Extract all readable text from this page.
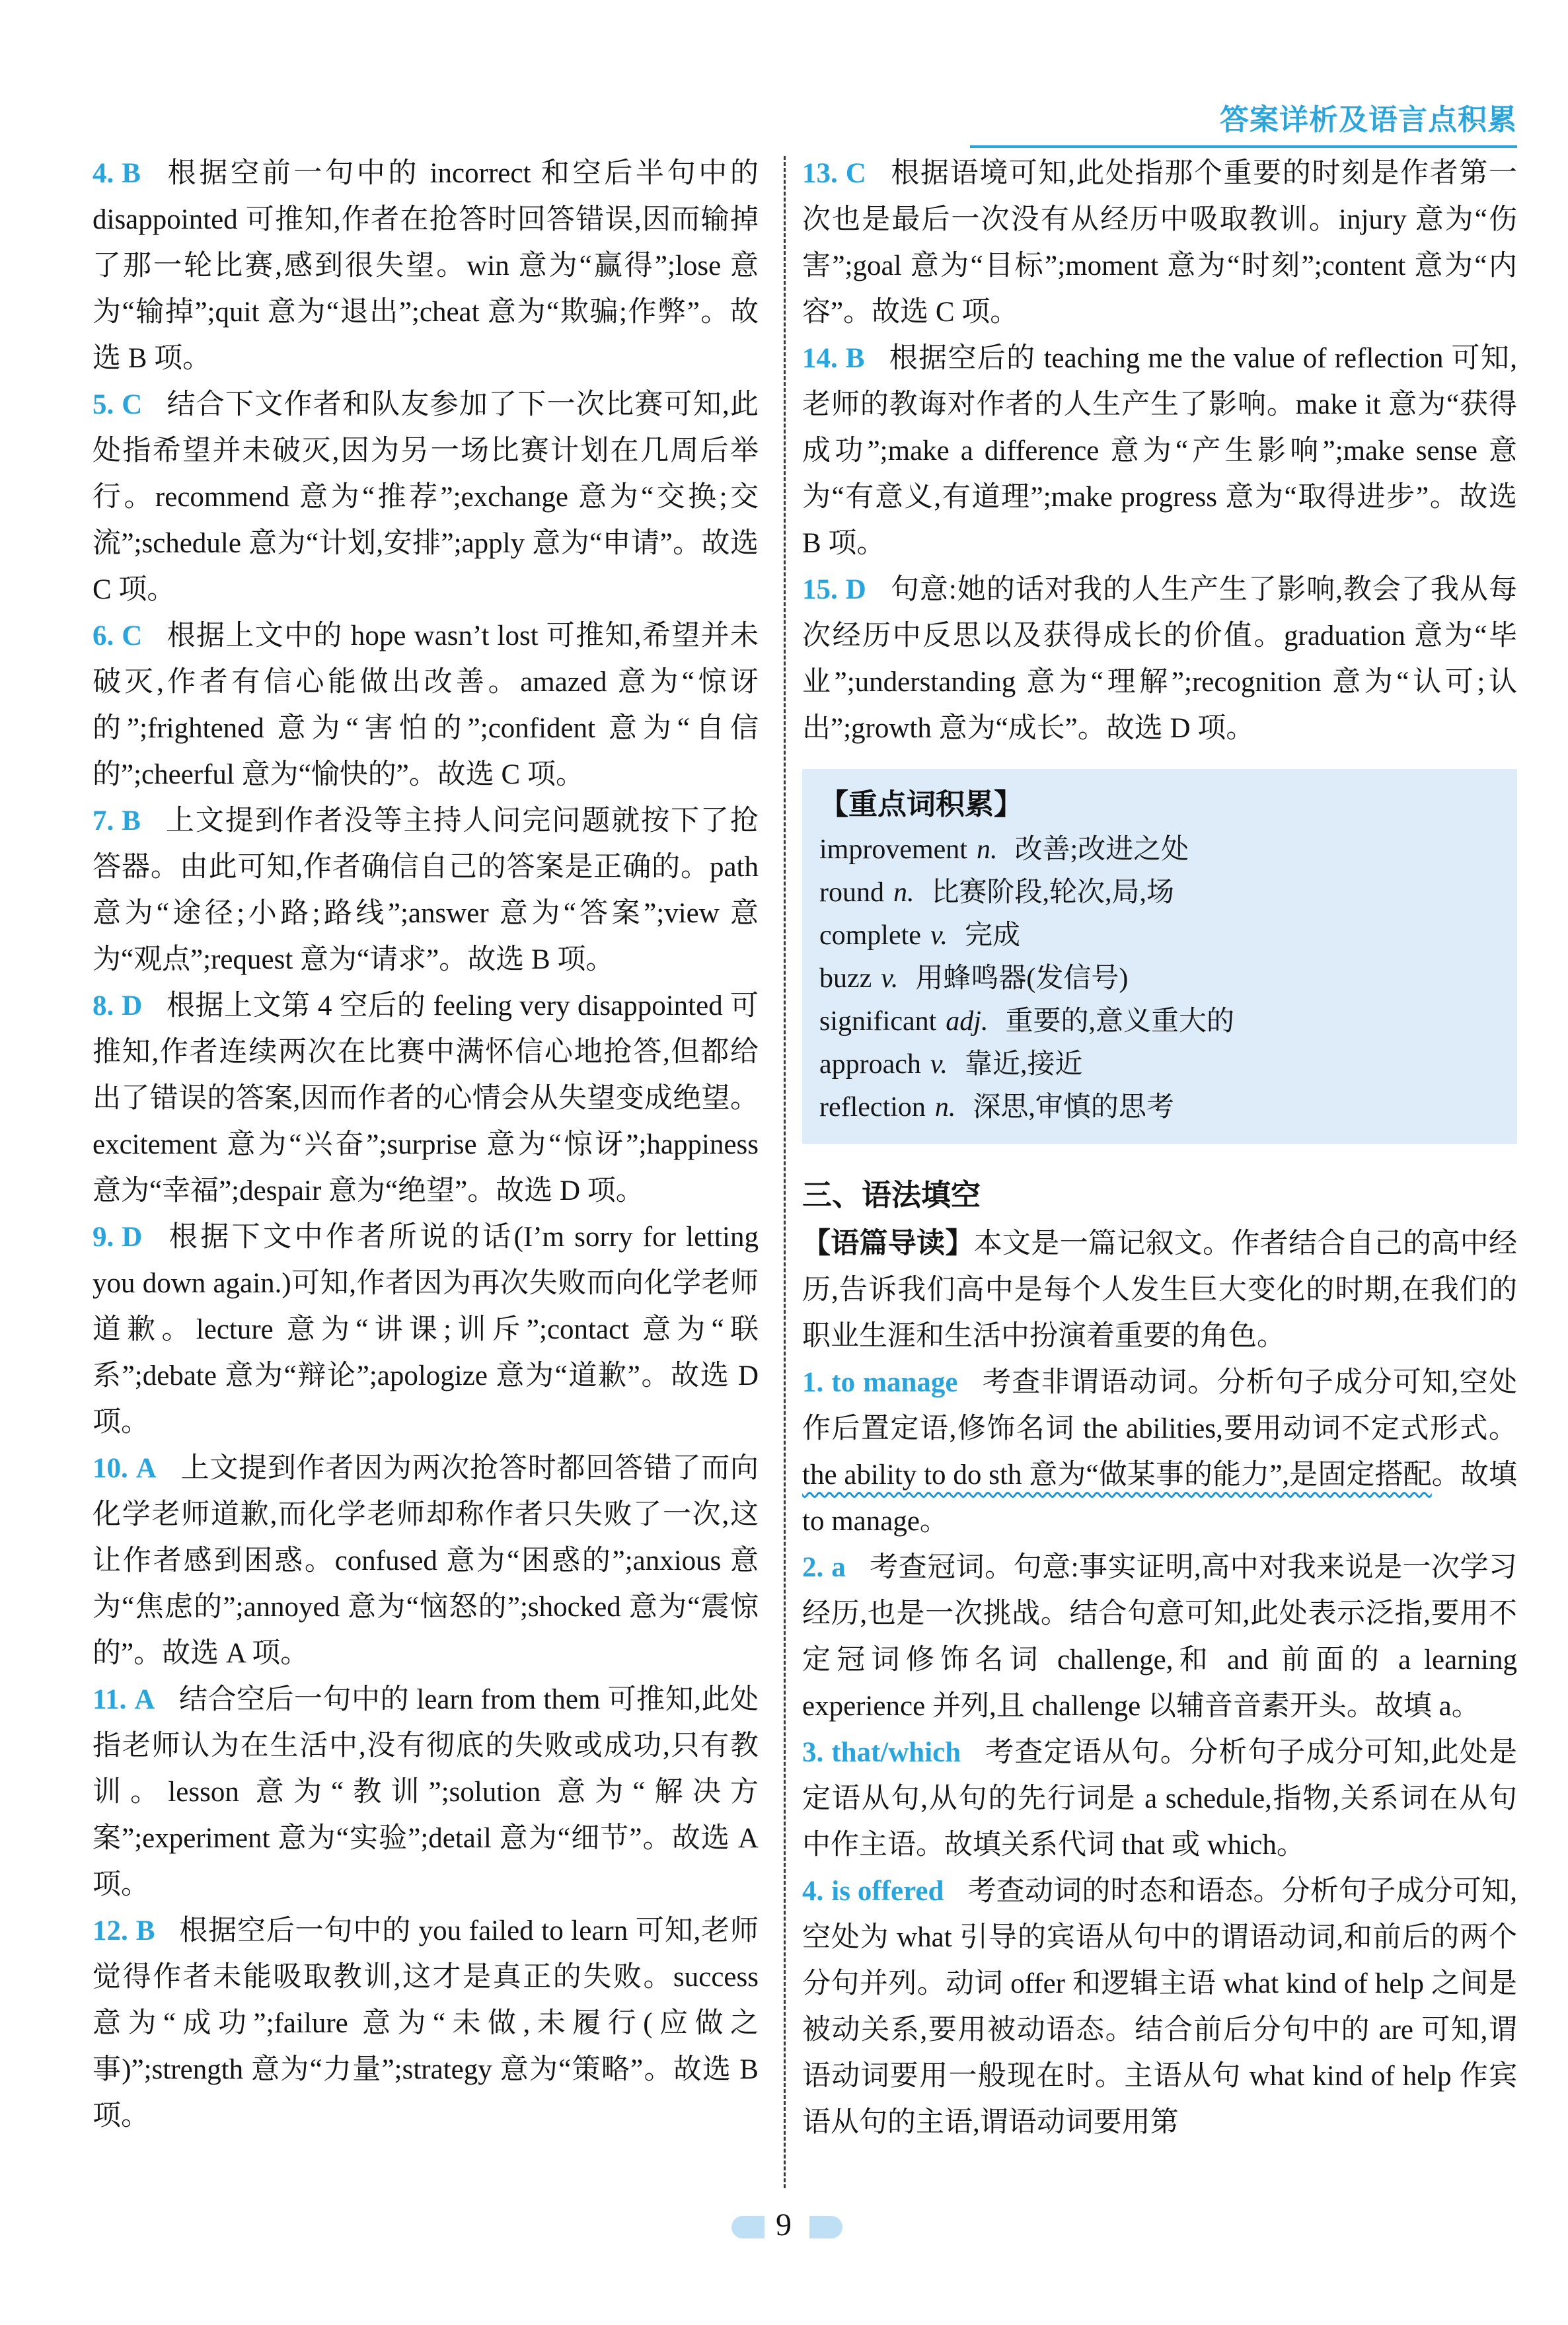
答案详析及语言点积累

4. B 根据空前一句中的 incorrect 和空后半句中的 disappointed 可推知,作者在抢答时回答错误,因而输掉了那一轮比赛,感到很失望。win 意为“赢得”;lose 意为“输掉”;quit 意为“退出”;cheat 意为“欺骗;作弊”。故选 B 项。

5. C 结合下文作者和队友参加了下一次比赛可知,此处指希望并未破灭,因为另一场比赛计划在几周后举行。recommend 意为“推荐”;exchange 意为“交换;交流”;schedule 意为“计划,安排”;apply 意为“申请”。故选 C 项。

6. C 根据上文中的 hope wasn’t lost 可推知,希望并未破灭,作者有信心能做出改善。amazed 意为“惊讶的”;frightened 意为“害怕的”;confident 意为“自信的”;cheerful 意为“愉快的”。故选 C 项。

7. B 上文提到作者没等主持人问完问题就按下了抢答器。由此可知,作者确信自己的答案是正确的。path 意为“途径;小路;路线”;answer 意为“答案”;view 意为“观点”;request 意为“请求”。故选 B 项。

8. D 根据上文第 4 空后的 feeling very disappointed 可推知,作者连续两次在比赛中满怀信心地抢答,但都给出了错误的答案,因而作者的心情会从失望变成绝望。excitement 意为“兴奋”;surprise 意为“惊讶”;happiness 意为“幸福”;despair 意为“绝望”。故选 D 项。

9. D 根据下文中作者所说的话(I’m sorry for letting you down again.)可知,作者因为再次失败而向化学老师道歉。lecture 意为“讲课;训斥”;contact 意为“联系”;debate 意为“辩论”;apologize 意为“道歉”。故选 D 项。

10. A 上文提到作者因为两次抢答时都回答错了而向化学老师道歉,而化学老师却称作者只失败了一次,这让作者感到困惑。confused 意为“困惑的”;anxious 意为“焦虑的”;annoyed 意为“恼怒的”;shocked 意为“震惊的”。故选 A 项。

11. A 结合空后一句中的 learn from them 可推知,此处指老师认为在生活中,没有彻底的失败或成功,只有教训。lesson 意为“教训”;solution 意为“解决方案”;experiment 意为“实验”;detail 意为“细节”。故选 A 项。

12. B 根据空后一句中的 you failed to learn 可知,老师觉得作者未能吸取教训,这才是真正的失败。success 意为“成功”;failure 意为“未做,未履行(应做之事)”;strength 意为“力量”;strategy 意为“策略”。故选 B 项。

13. C 根据语境可知,此处指那个重要的时刻是作者第一次也是最后一次没有从经历中吸取教训。injury 意为“伤害”;goal 意为“目标”;moment 意为“时刻”;content 意为“内容”。故选 C 项。

14. B 根据空后的 teaching me the value of reflection 可知,老师的教诲对作者的人生产生了影响。make it 意为“获得成功”;make a difference 意为“产生影响”;make sense 意为“有意义,有道理”;make progress 意为“取得进步”。故选 B 项。

15. D 句意:她的话对我的人生产生了影响,教会了我从每次经历中反思以及获得成长的价值。graduation 意为“毕业”;understanding 意为“理解”;recognition 意为“认可;认出”;growth 意为“成长”。故选 D 项。

【重点词积累】

improvement n. 改善;改进之处

round n. 比赛阶段,轮次,局,场

complete v. 完成

buzz v. 用蜂鸣器(发信号)

significant adj. 重要的,意义重大的

approach v. 靠近,接近

reflection n. 深思,审慎的思考

三、语法填空

【语篇导读】本文是一篇记叙文。作者结合自己的高中经历,告诉我们高中是每个人发生巨大变化的时期,在我们的职业生涯和生活中扮演着重要的角色。

1. to manage 考查非谓语动词。分析句子成分可知,空处作后置定语,修饰名词 the abilities,要用动词不定式形式。the ability to do sth 意为“做某事的能力”,是固定搭配。故填 to manage。

2. a 考查冠词。句意:事实证明,高中对我来说是一次学习经历,也是一次挑战。结合句意可知,此处表示泛指,要用不定冠词修饰名词 challenge,和 and 前面的 a learning experience 并列,且 challenge 以辅音音素开头。故填 a。

3. that/which 考查定语从句。分析句子成分可知,此处是定语从句,从句的先行词是 a schedule,指物,关系词在从句中作主语。故填关系代词 that 或 which。

4. is offered 考查动词的时态和语态。分析句子成分可知,空处为 what 引导的宾语从句中的谓语动词,和前后的两个分句并列。动词 offer 和逻辑主语 what kind of help 之间是被动关系,要用被动语态。结合前后分句中的 are 可知,谓语动词要用一般现在时。主语从句 what kind of help 作宾语从句的主语,谓语动词要用第

9
